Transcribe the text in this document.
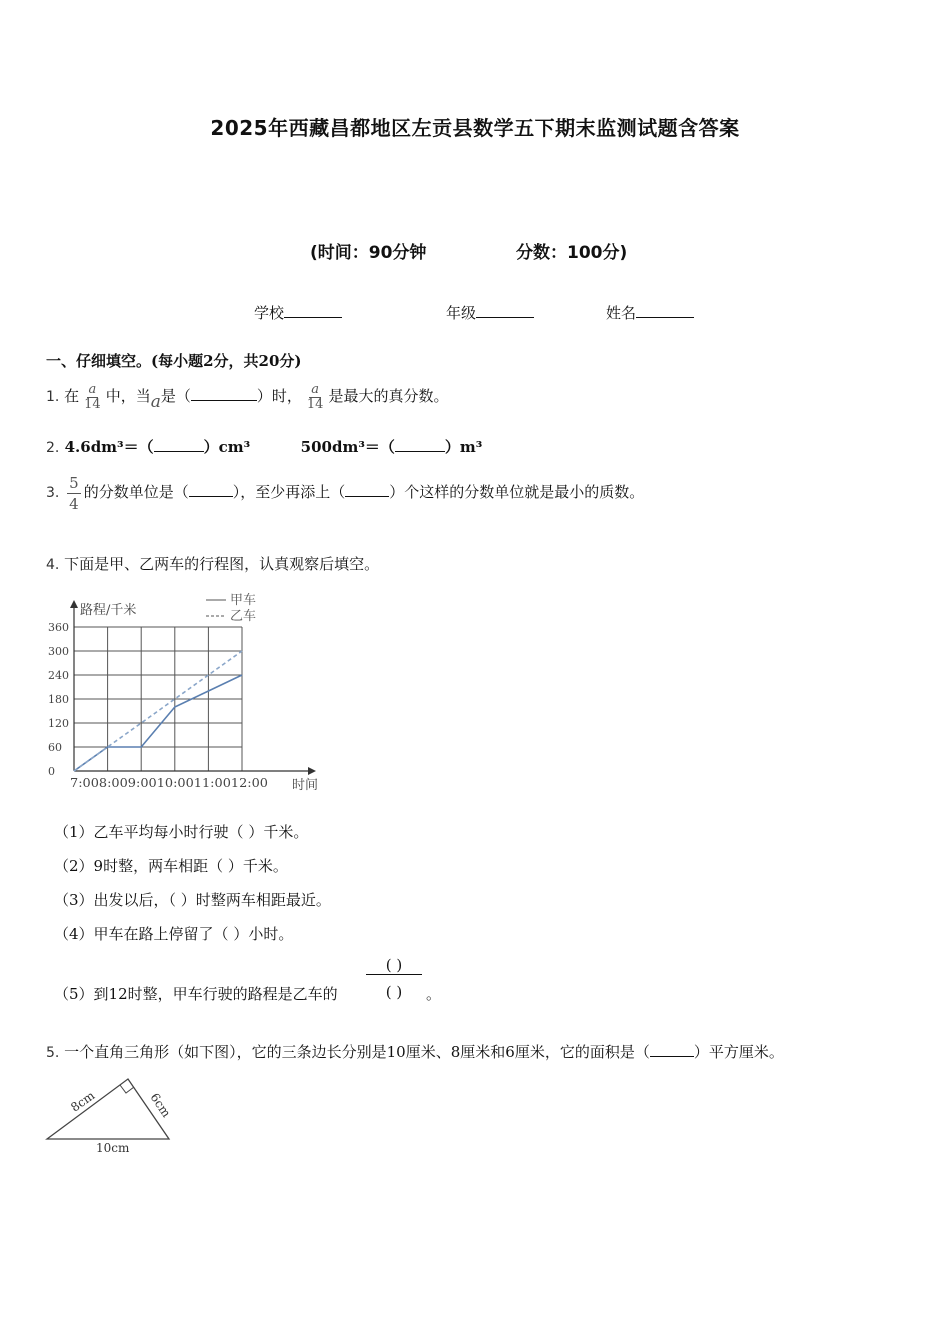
2025年西藏昌都地区左贡县数学五下期末监测试题含答案
(时间：90分钟	分数：100分)
学校	年级	姓名
一、仔细填空。(每小题2分，共20分)
1. 在 $\frac{a}{14}$ 中，当a是（	）时， $\frac{a}{14}$ 是最大的真分数。
2. 4.6dm³＝（	）cm³	500dm³＝（	）m³
3. $\frac{5}{4}$ 的分数单位是（	），至少再添上（	）个这样的分数单位就是最小的质数。
4. 下面是甲、乙两车的行程图，认真观察后填空。
0
60
120
180
240
300
360
路程/千米
时间
7:008:009:0010:0011:0012:00
甲车
乙车
（1）乙车平均每小时行驶（ ）千米。
（2）9时整，两车相距（ ）千米。
（3）出发以后，（ ）时整两车相距最近。
（4）甲车在路上停留了（ ）小时。
（5）到12时整，甲车行驶的路程是乙车的
( )
( )	。
5. 一个直角三角形（如下图），它的三条边长分别是10厘米、8厘米和6厘米，它的面积是（	）平方厘米。
8cm	6cm
10cm
